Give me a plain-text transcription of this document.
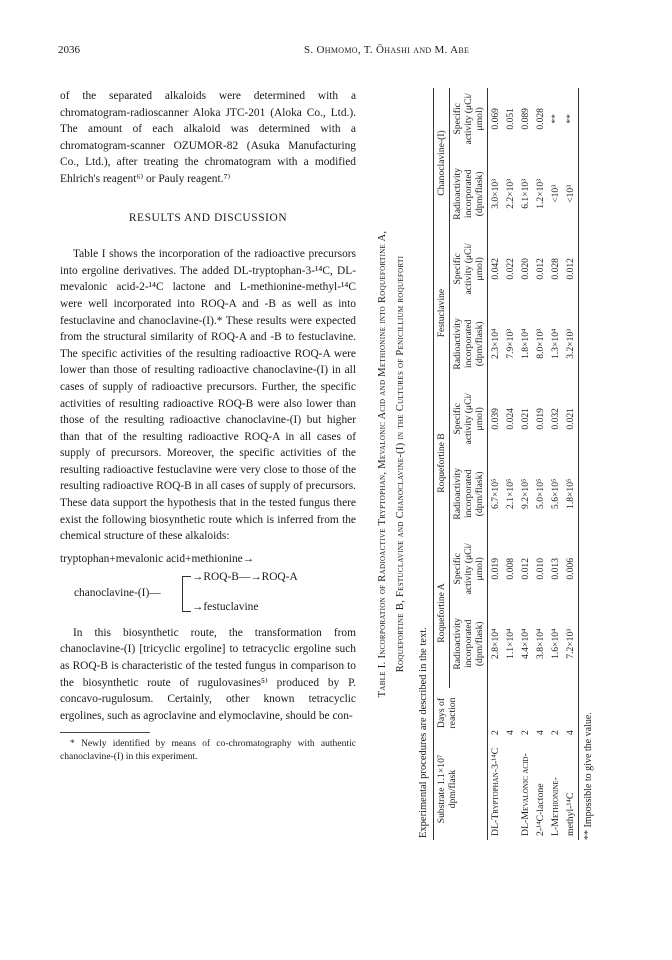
2036	S. Ohmomo, T. Ōhashi and M. Abe

of the separated alkaloids were determined with a chromatogram-radioscanner Aloka JTC-201 (Aloka Co., Ltd.). The amount of each alkaloid was determined with a chromatogram-scanner OZUMOR-82 (Asuka Manufacturing Co., Ltd.), after treating the chromatogram with a modified Ehlrich's reagent⁶⁾ or Pauly reagent.⁷⁾

RESULTS AND DISCUSSION

Table I shows the incorporation of the radioactive precursors into ergoline derivatives. The added DL-tryptophan-3-¹⁴C, DL-mevalonic acid-2-¹⁴C lactone and L-methionine-methyl-¹⁴C were well incorporated into ROQ-A and -B as well as into festuclavine and chanoclavine-(I).* These results were expected from the structural similarity of ROQ-A and -B to festuclavine. The specific activities of the resulting radioactive ROQ-A were lower than those of resulting radioactive chanoclavine-(I) in all cases of supply of radioactive precursors. Further, the specific activities of resulting radioactive ROQ-B were also lower than those of the resulting radioactive chanoclavine-(I) but higher than that of the resulting radioactive ROQ-A in all cases of supply of precursors. Moreover, the specific activities of the resulting radioactive festuclavine were very close to those of the resulting radioactive ROQ-B in all cases of supply of precursors. These data support the hypothesis that in the tested fungus there exist the following biosynthetic route which is inferred from the chemical structure of these alkaloids:

tryptophan+mevalonic acid+methionine→
chanoclavine-(I)—
→ROQ-B—→ROQ-A
→festuclavine

In this biosynthetic route, the transformation from chanoclavine-(I) [tricyclic ergoline] to tetracyclic ergoline such as ROQ-B is characteristic of the tested fungus in comparison to the biosynthetic route of rugulovasines⁵⁾ produced by P. concavo-rugulosum. Certainly, other known tetracyclic ergolines, such as agroclavine and elymoclavine, should be con-

* Newly identified by means of co-chromatography with authentic chanoclavine-(I) in this experiment.

Table I. Incorporation of Radioactive Tryptophan, Mevalonic Acid and Methionine into Roquefortine A, Roquefortine B, Festuclavine and Chanoclavine-(I) in the Cultures of Penicillium roqueforti
Experimental procedures are described in the text. Substrate 1.1×10⁷ dpm/flask	Days of reaction	Roquefortine A		Roquefortine B		Festuclavine		Chanoclavine-(I)	
		Radioactivity incorporated (dpm/flask)	Specific activity (μCi/μmol)	Radioactivity incorporated (dpm/flask)	Specific activity (μCi/μmol)	Radioactivity incorporated (dpm/flask)	Specific activity (μCi/μmol)	Radioactivity incorporated (dpm/flask)	Specific activity (μCi/μmol)
DL-Tryptophan-3-¹⁴C	2	2.8×10⁴	0.019	6.7×10⁵	0.039	2.3×10⁴	0.042	3.0×10³	0.069
	4	1.1×10⁴	0.008	2.1×10⁵	0.024	7.9×10³	0.022	2.2×10³	0.051
DL-Mevalonic acid-	2	4.4×10⁴	0.012	9.2×10⁵	0.021	1.8×10⁴	0.020	6.1×10³	0.089
2-¹⁴C-lactone	4	3.8×10⁴	0.010	5.0×10⁵	0.019	8.0×10³	0.012	1.2×10³	0.028
L-Methionine-	2	1.6×10⁴	0.013	5.6×10⁵	0.032	1.3×10⁴	0.028	<10³	**
methyl-¹⁴C	4	7.2×10³	0.006	1.8×10⁵	0.021	3.2×10³	0.012	<10³	**
** Impossible to give the value.
